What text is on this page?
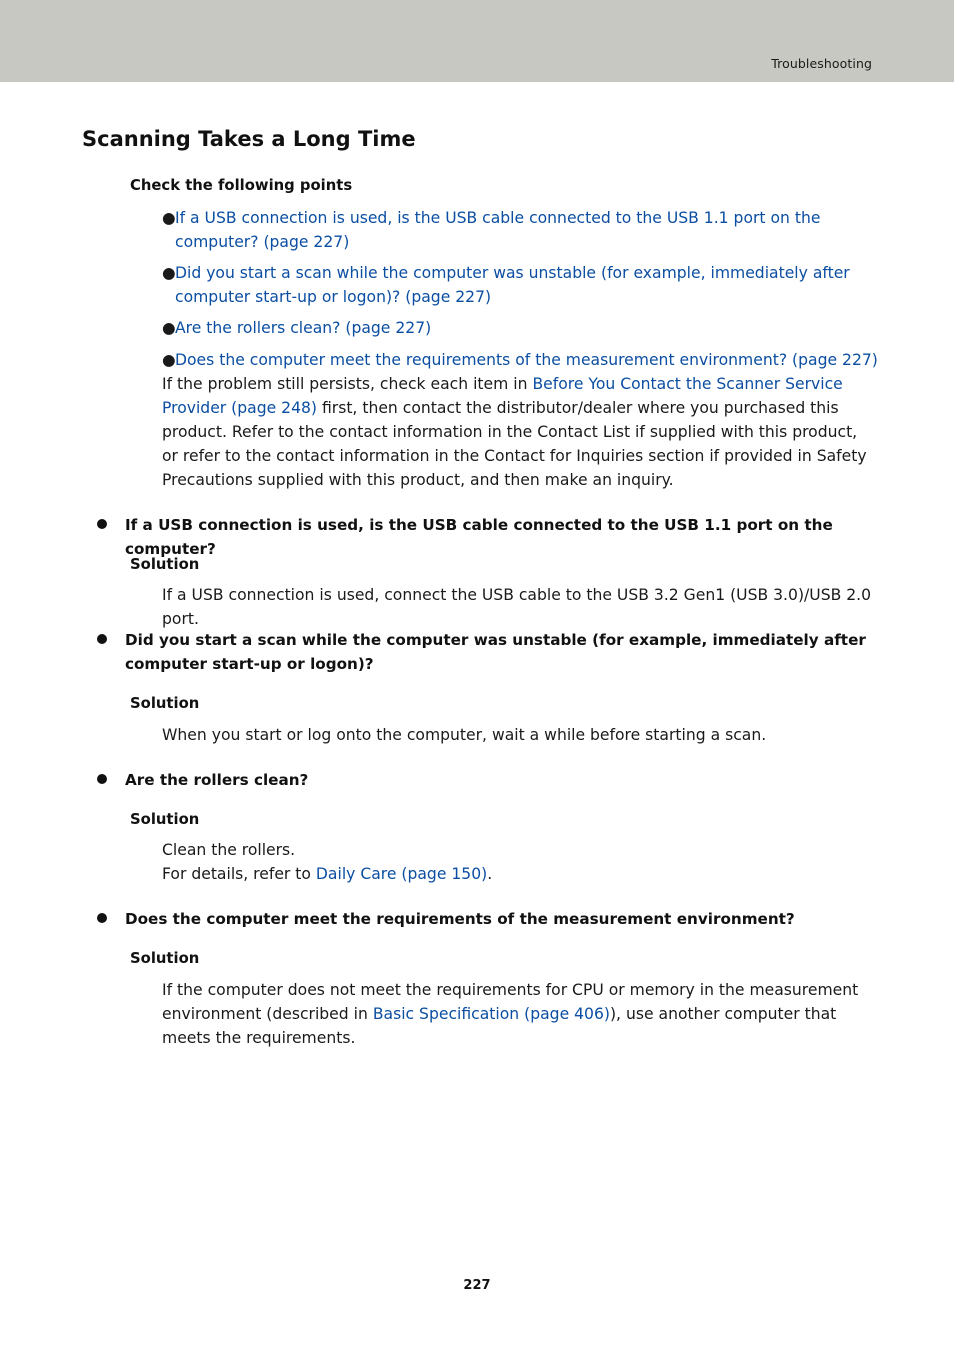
Troubleshooting
Scanning Takes a Long Time

Check the following points

●If a USB connection is used, is the USB cable connected to the USB 1.1 port on the computer? (page 227)

●Did you start a scan while the computer was unstable (for example, immediately after computer start-up or logon)? (page 227)

●Are the rollers clean? (page 227)

●Does the computer meet the requirements of the measurement environment? (page 227)

If the problem still persists, check each item in Before You Contact the Scanner Service Provider (page 248) first, then contact the distributor/dealer where you purchased this product. Refer to the contact information in the Contact List if supplied with this product, or refer to the contact information in the Contact for Inquiries section if provided in Safety Precautions supplied with this product, and then make an inquiry.

If a USB connection is used, is the USB cable connected to the USB 1.1 port on the computer?

Solution

If a USB connection is used, connect the USB cable to the USB 3.2 Gen1 (USB 3.0)/USB 2.0 port.

Did you start a scan while the computer was unstable (for example, immediately after computer start-up or logon)?

Solution

When you start or log onto the computer, wait a while before starting a scan.

Are the rollers clean?

Solution

Clean the rollers.
For details, refer to Daily Care (page 150).

Does the computer meet the requirements of the measurement environment?

Solution

If the computer does not meet the requirements for CPU or memory in the measurement environment (described in Basic Specification (page 406)), use another computer that meets the requirements.

227
